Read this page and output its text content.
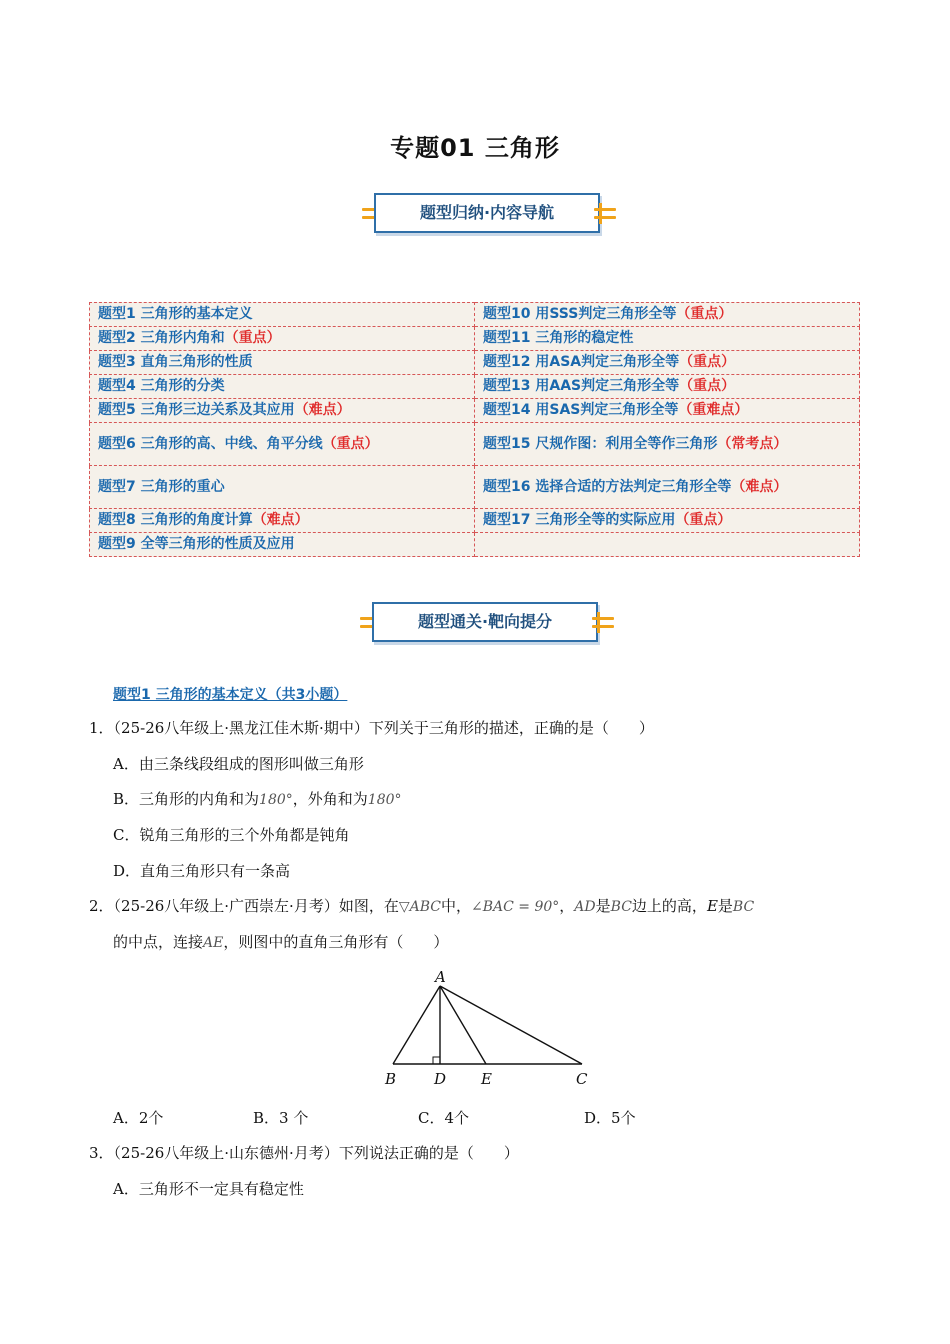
专题01 三角形
题型归纳·内容导航
题型1 三角形的基本定义	题型10 用SSS判定三角形全等（重点）
题型2 三角形内角和（重点）	题型11 三角形的稳定性
题型3 直角三角形的性质	题型12 用ASA判定三角形全等（重点）
题型4 三角形的分类	题型13 用AAS判定三角形全等（重点）
题型5 三角形三边关系及其应用（难点）	题型14 用SAS判定三角形全等（重难点）
题型6 三角形的高、中线、角平分线（重点）	题型15 尺规作图：利用全等作三角形（常考点）
题型7 三角形的重心	题型16 选择合适的方法判定三角形全等（难点）
题型8 三角形的角度计算（难点）	题型17 三角形全等的实际应用（重点）
题型9 全等三角形的性质及应用	
题型通关·靶向提分
题型1 三角形的基本定义（共3小题）
1．（25-26八年级上·黑龙江佳木斯·期中）下列关于三角形的描述，正确的是（　　）
A．由三条线段组成的图形叫做三角形
B．三角形的内角和为180°，外角和为180°
C．锐角三角形的三个外角都是钝角
D．直角三角形只有一条高
2．（25-26八年级上·广西崇左·月考）如图，在▽ABC中，∠BAC = 90°，AD是BC边上的高，E是BC
的中点，连接AE，则图中的直角三角形有（　　）
A
B	D E	C
A．2个	B．3 个	C．4个	D．5个
3．（25-26八年级上·山东德州·月考）下列说法正确的是（　　）
A．三角形不一定具有稳定性
